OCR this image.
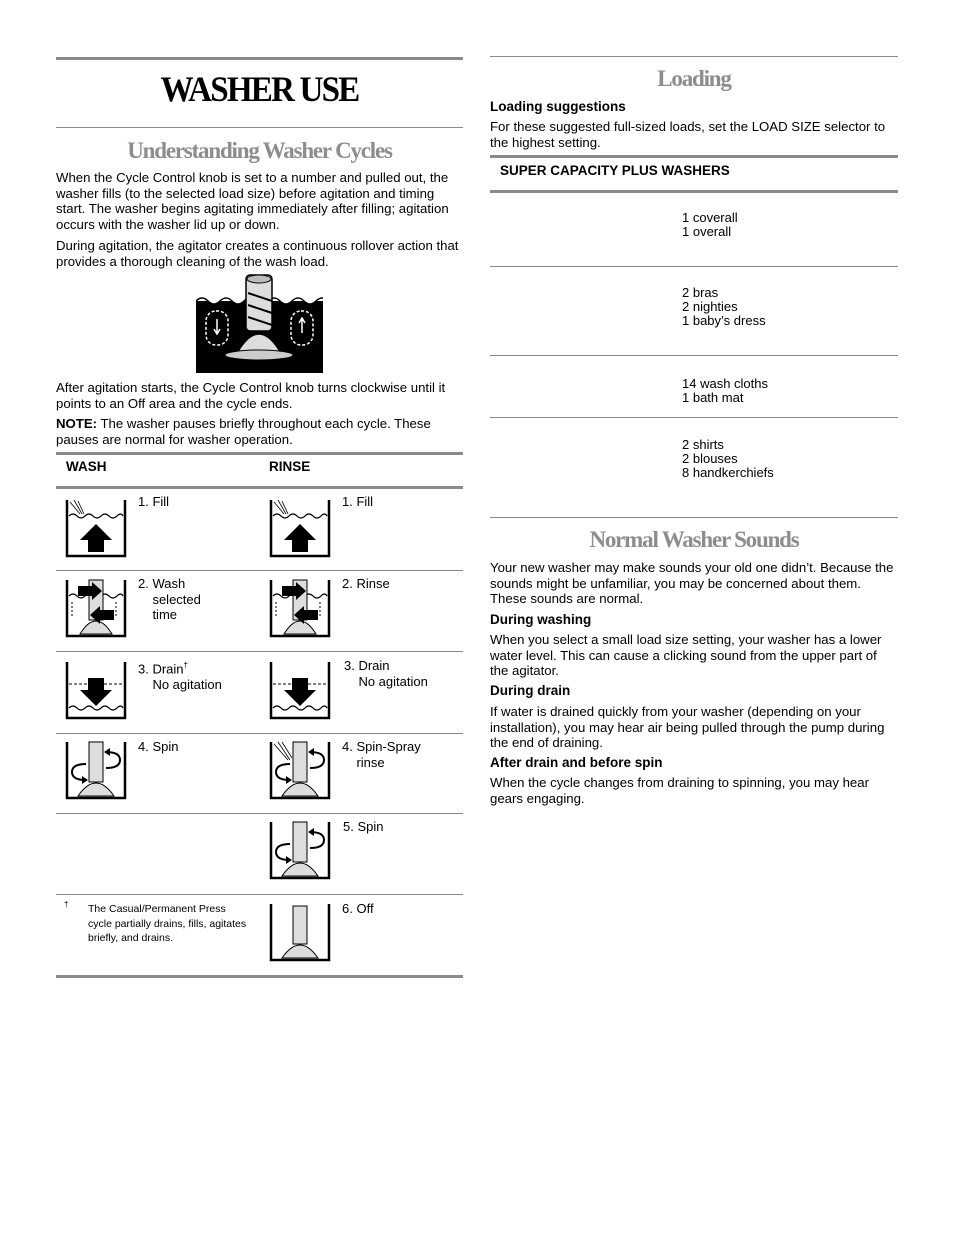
WASHER USE
Understanding Washer Cycles
When the Cycle Control knob is set to a number and pulled out, the washer fills (to the selected load size) before agitation and timing start. The washer begins agitating immediately after filling; agitation occurs with the washer lid up or down.
During agitation, the agitator creates a continuous rollover action that provides a thorough cleaning of the wash load.
After agitation starts, the Cycle Control knob turns clockwise until it points to an Off area and the cycle ends.
NOTE: The washer pauses briefly throughout each cycle. These pauses are normal for washer operation.
WASH	RINSE
1. Fill
2. Wash
selected
time
3. Drain†
No agitation
4. Spin
† The Casual/Permanent Press cycle partially drains, fills, agitates briefly, and drains.
1. Fill
2. Rinse
3. Drain
No agitation
4. Spin-Spray
rinse
5. Spin
6. Off
Loading
Loading suggestions
For these suggested full-sized loads, set the LOAD SIZE selector to the highest setting.
SUPER CAPACITY PLUS WASHERS
1 coverall
1 overall
2 bras
2 nighties
1 baby’s dress
14 wash cloths
1 bath mat
2 shirts
2 blouses
8 handkerchiefs
Normal Washer Sounds
Your new washer may make sounds your old one didn’t. Because the sounds might be unfamiliar, you may be concerned about them. These sounds are normal.
During washing
When you select a small load size setting, your washer has a lower water level. This can cause a clicking sound from the upper part of the agitator.
During drain
If water is drained quickly from your washer (depending on your installation), you may hear air being pulled through the pump during the end of draining.
After drain and before spin
When the cycle changes from draining to spinning, you may hear gears engaging.
